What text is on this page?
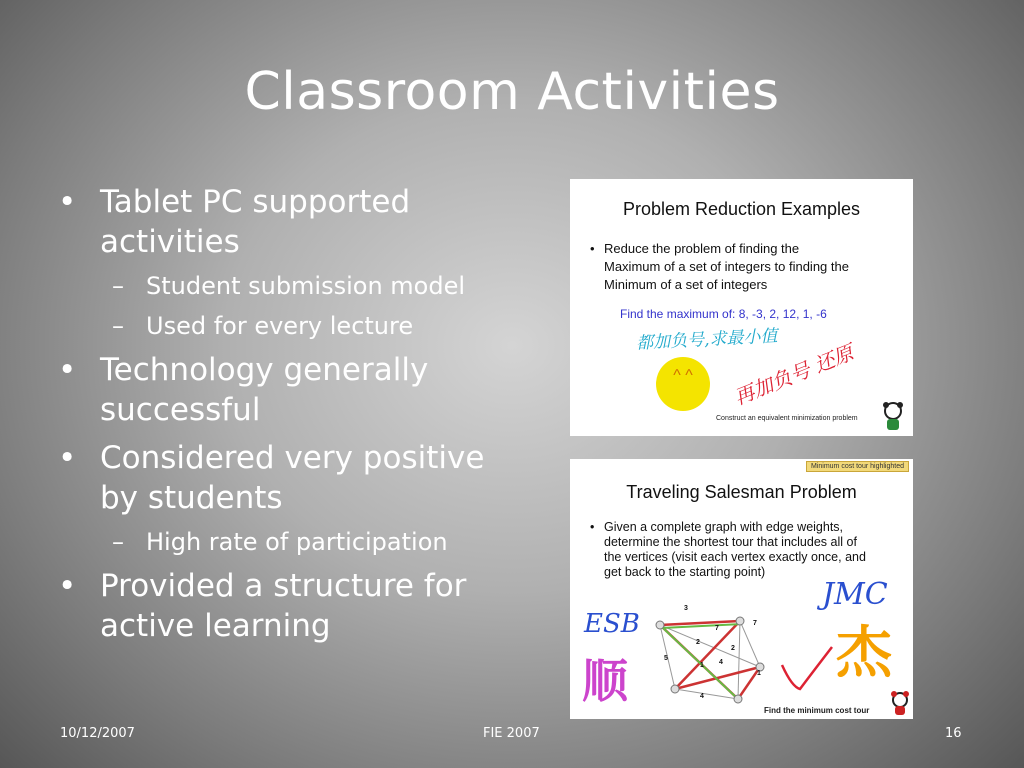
Classroom Activities
• Tablet PC supported
activities
– Student submission model
– Used for every lecture
• Technology generally
successful
• Considered very positive
by students
– High rate of participation
• Provided a structure for
active learning
Problem Reduction Examples
• Reduce the problem of finding the
Maximum of a set of integers to finding the
Minimum of a set of integers
Find the maximum of: 8, -3, 2, 12, 1, -6
都加负号,求最小值
^ ^	再加负号 还原
Construct an equivalent minimization problem
Minimum cost tour highlighted
Traveling Salesman Problem
• Given a complete graph with edge weights,
determine the shortest tour that includes all of
the vertices (visit each vertex exactly once, and
get back to the starting point)
ESB
顺
JMC
杰
3
7
7
2
2
5
1 4
1
4
Find the minimum cost tour
10/12/2007	FIE 2007	16
